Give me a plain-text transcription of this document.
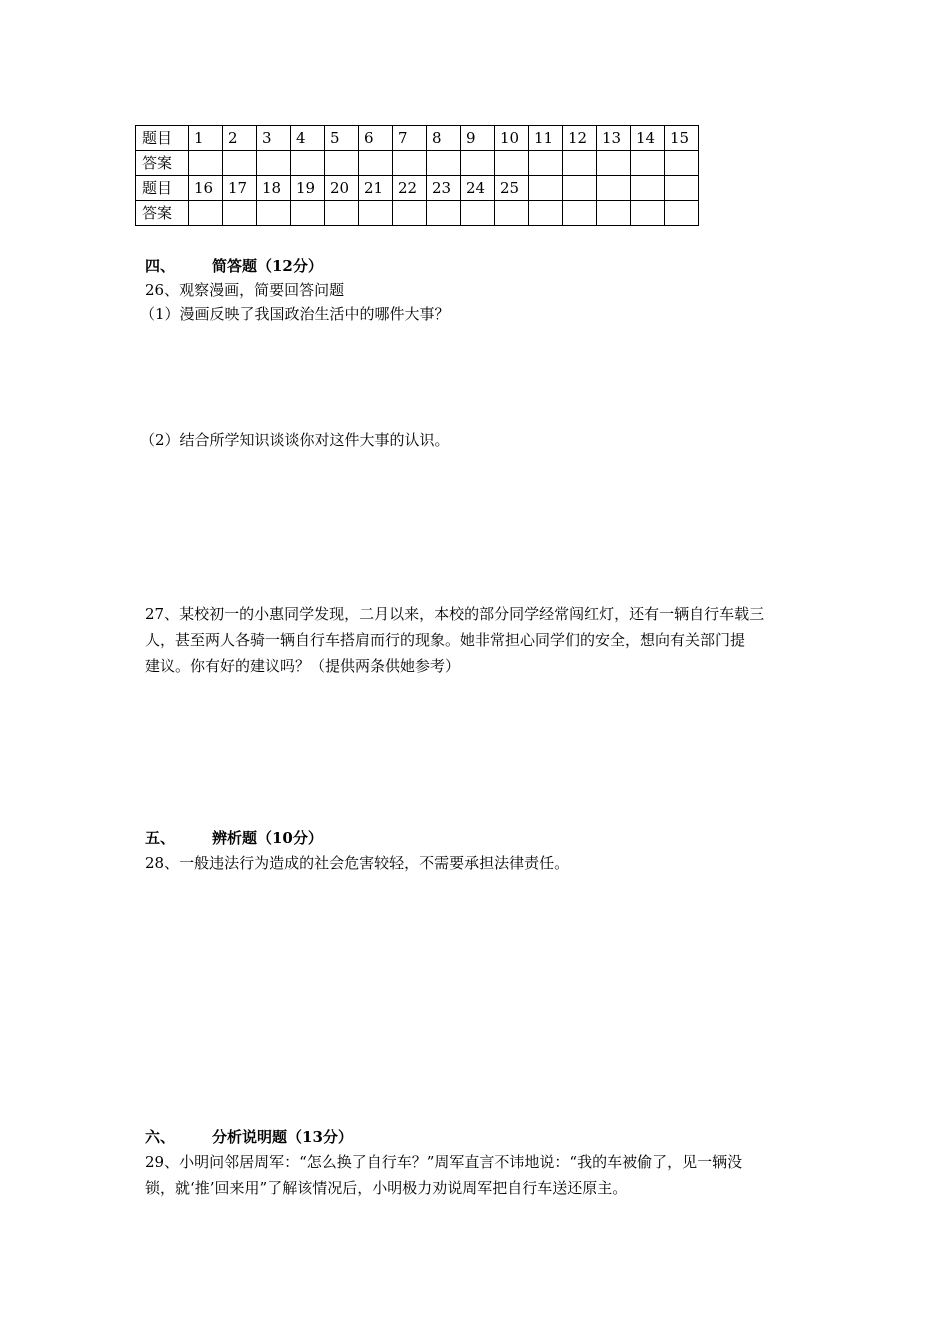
题目	1	2	3	4	5	6	7	8	9	10	11	12	13	14	15
答案															
题目	16	17	18	19	20	21	22	23	24	25					
答案															
四、 简答题（12分）
26、观察漫画，简要回答问题
（1）漫画反映了我国政治生活中的哪件大事？
（2）结合所学知识谈谈你对这件大事的认识。
27、某校初一的小惠同学发现，二月以来，本校的部分同学经常闯红灯，还有一辆自行车载三
人，甚至两人各骑一辆自行车搭肩而行的现象。她非常担心同学们的安全，想向有关部门提
建议。你有好的建议吗？（提供两条供她参考）
五、 辨析题（10分）
28、一般违法行为造成的社会危害较轻，不需要承担法律责任。
六、 分析说明题（13分）
29、小明问邻居周军：“怎么换了自行车？”周军直言不讳地说：“我的车被偷了，见一辆没
锁，就‘推’回来用”了解该情况后，小明极力劝说周军把自行车送还原主。
